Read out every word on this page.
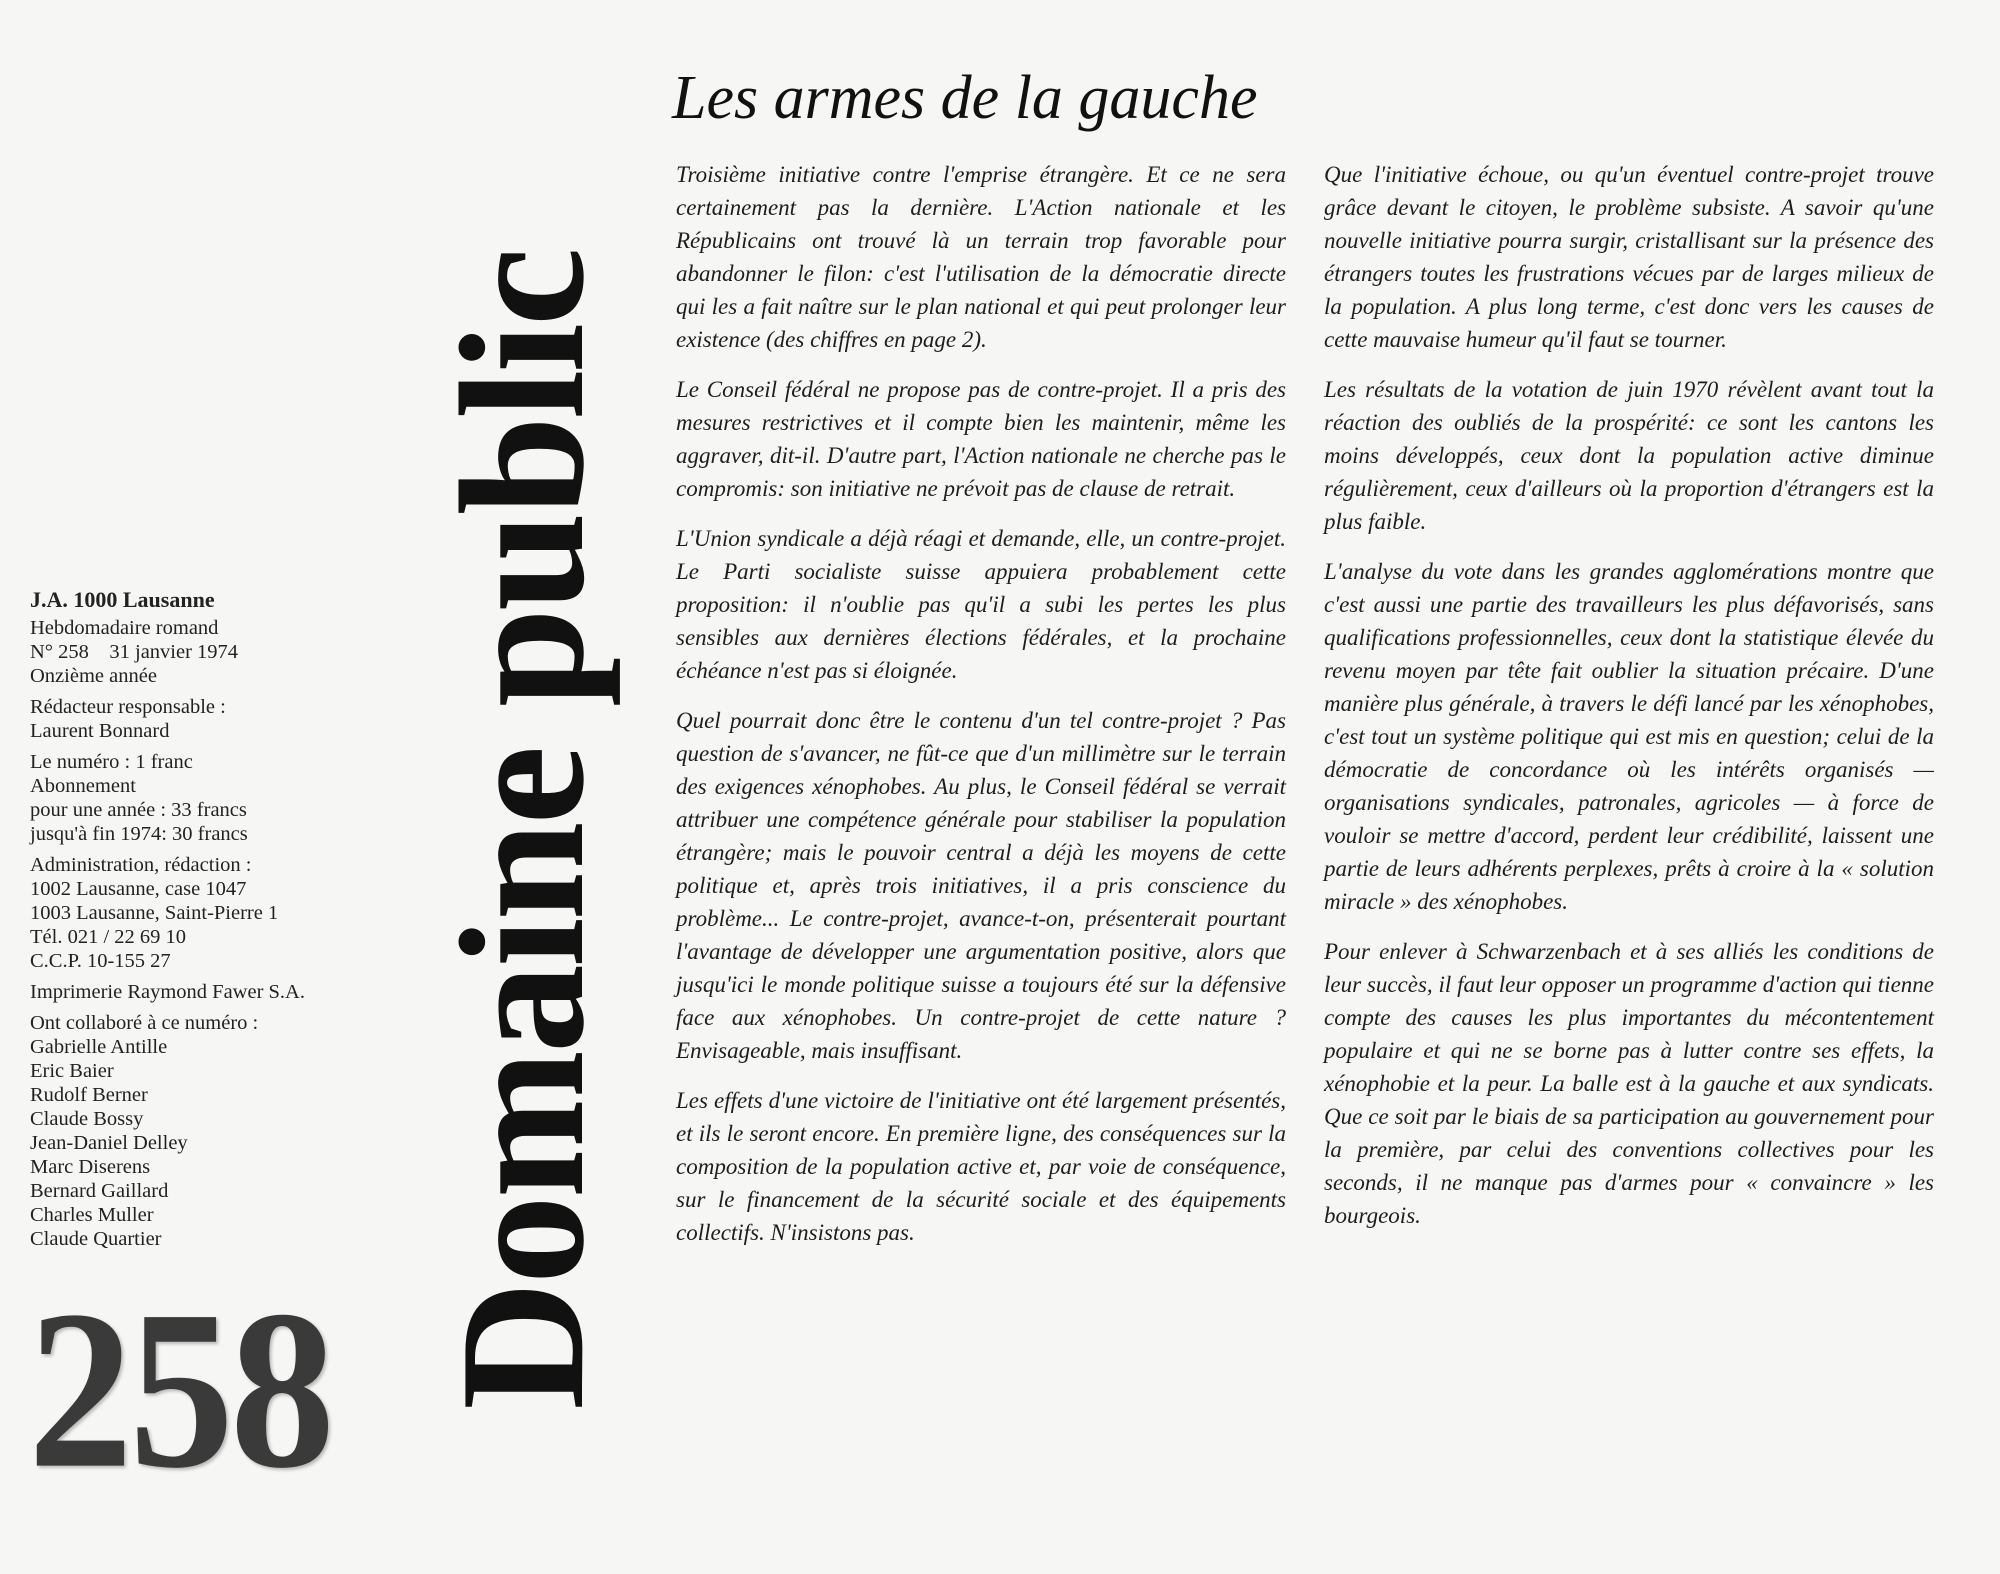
J.A. 1000 Lausanne
Hebdomadaire romand
N° 258    31 janvier 1974
Onzième année
Rédacteur responsable :
Laurent Bonnard
Le numéro : 1 franc
Abonnement
pour une année : 33 francs
jusqu'à fin 1974: 30 francs
Administration, rédaction :
1002 Lausanne, case 1047
1003 Lausanne, Saint-Pierre 1
Tél. 021 / 22 69 10
C.C.P. 10-155 27
Imprimerie Raymond Fawer S.A.
Ont collaboré à ce numéro :
Gabrielle Antille
Eric Baier
Rudolf Berner
Claude Bossy
Jean-Daniel Delley
Marc Diserens
Bernard Gaillard
Charles Muller
Claude Quartier
258 Domaine public
Les armes de la gauche

Troisième initiative contre l'emprise étrangère. Et ce ne sera certainement pas la dernière. L'Action nationale et les Républicains ont trouvé là un terrain trop favorable pour abandonner le filon: c'est l'utilisation de la démocratie directe qui les a fait naître sur le plan national et qui peut prolonger leur existence (des chiffres en page 2).

Le Conseil fédéral ne propose pas de contre-projet. Il a pris des mesures restrictives et il compte bien les maintenir, même les aggraver, dit-il. D'autre part, l'Action nationale ne cherche pas le compromis: son initiative ne prévoit pas de clause de retrait.

L'Union syndicale a déjà réagi et demande, elle, un contre-projet. Le Parti socialiste suisse appuiera probablement cette proposition: il n'oublie pas qu'il a subi les pertes les plus sensibles aux dernières élections fédérales, et la prochaine échéance n'est pas si éloignée.

Quel pourrait donc être le contenu d'un tel contre-projet ? Pas question de s'avancer, ne fût-ce que d'un millimètre sur le terrain des exigences xénophobes. Au plus, le Conseil fédéral se verrait attribuer une compétence générale pour stabiliser la population étrangère; mais le pouvoir central a déjà les moyens de cette politique et, après trois initiatives, il a pris conscience du problème... Le contre-projet, avance-t-on, présenterait pourtant l'avantage de développer une argumentation positive, alors que jusqu'ici le monde politique suisse a toujours été sur la défensive face aux xénophobes. Un contre-projet de cette nature ? Envisageable, mais insuffisant.

Les effets d'une victoire de l'initiative ont été largement présentés, et ils le seront encore. En première ligne, des conséquences sur la composition de la population active et, par voie de conséquence, sur le financement de la sécurité sociale et des équipements collectifs. N'insistons pas.

Que l'initiative échoue, ou qu'un éventuel contre-projet trouve grâce devant le citoyen, le problème subsiste. A savoir qu'une nouvelle initiative pourra surgir, cristallisant sur la présence des étrangers toutes les frustrations vécues par de larges milieux de la population. A plus long terme, c'est donc vers les causes de cette mauvaise humeur qu'il faut se tourner.

Les résultats de la votation de juin 1970 révèlent avant tout la réaction des oubliés de la prospérité: ce sont les cantons les moins développés, ceux dont la population active diminue régulièrement, ceux d'ailleurs où la proportion d'étrangers est la plus faible.

L'analyse du vote dans les grandes agglomérations montre que c'est aussi une partie des travailleurs les plus défavorisés, sans qualifications professionnelles, ceux dont la statistique élevée du revenu moyen par tête fait oublier la situation précaire. D'une manière plus générale, à travers le défi lancé par les xénophobes, c'est tout un système politique qui est mis en question; celui de la démocratie de concordance où les intérêts organisés — organisations syndicales, patronales, agricoles — à force de vouloir se mettre d'accord, perdent leur crédibilité, laissent une partie de leurs adhérents perplexes, prêts à croire à la « solution miracle » des xénophobes.

Pour enlever à Schwarzenbach et à ses alliés les conditions de leur succès, il faut leur opposer un programme d'action qui tienne compte des causes les plus importantes du mécontentement populaire et qui ne se borne pas à lutter contre ses effets, la xénophobie et la peur. La balle est à la gauche et aux syndicats. Que ce soit par le biais de sa participation au gouvernement pour la première, par celui des conventions collectives pour les seconds, il ne manque pas d'armes pour « convaincre » les bourgeois.
